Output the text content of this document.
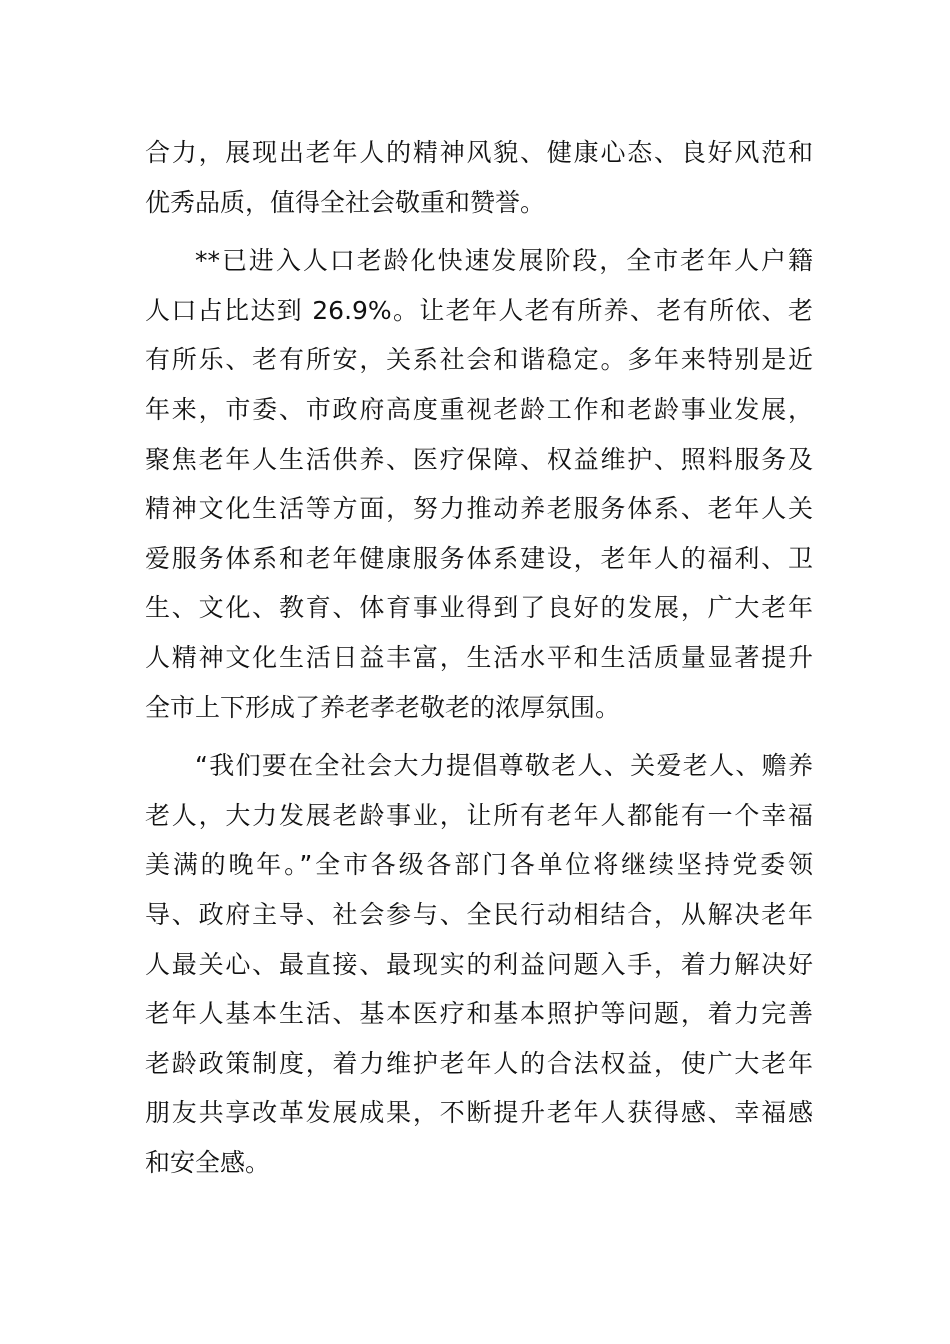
合力，展现出老年人的精神风貌、健康心态、良好风范和
优秀品质，值得全社会敬重和赞誉。
**已进入人口老龄化快速发展阶段，全市老年人户籍
人口占比达到 26.9%。让老年人老有所养、老有所依、老
有所乐、老有所安，关系社会和谐稳定。多年来特别是近
年来，市委、市政府高度重视老龄工作和老龄事业发展，
聚焦老年人生活供养、医疗保障、权益维护、照料服务及
精神文化生活等方面，努力推动养老服务体系、老年人关
爱服务体系和老年健康服务体系建设，老年人的福利、卫
生、文化、教育、体育事业得到了良好的发展，广大老年
人精神文化生活日益丰富，生活水平和生活质量显著提升
全市上下形成了养老孝老敬老的浓厚氛围。
“我们要在全社会大力提倡尊敬老人、关爱老人、赡养
老人，大力发展老龄事业，让所有老年人都能有一个幸福
美满的晚年。”全市各级各部门各单位将继续坚持党委领
导、政府主导、社会参与、全民行动相结合，从解决老年
人最关心、最直接、最现实的利益问题入手，着力解决好
老年人基本生活、基本医疗和基本照护等问题，着力完善
老龄政策制度，着力维护老年人的合法权益，使广大老年
朋友共享改革发展成果，不断提升老年人获得感、幸福感
和安全感。
